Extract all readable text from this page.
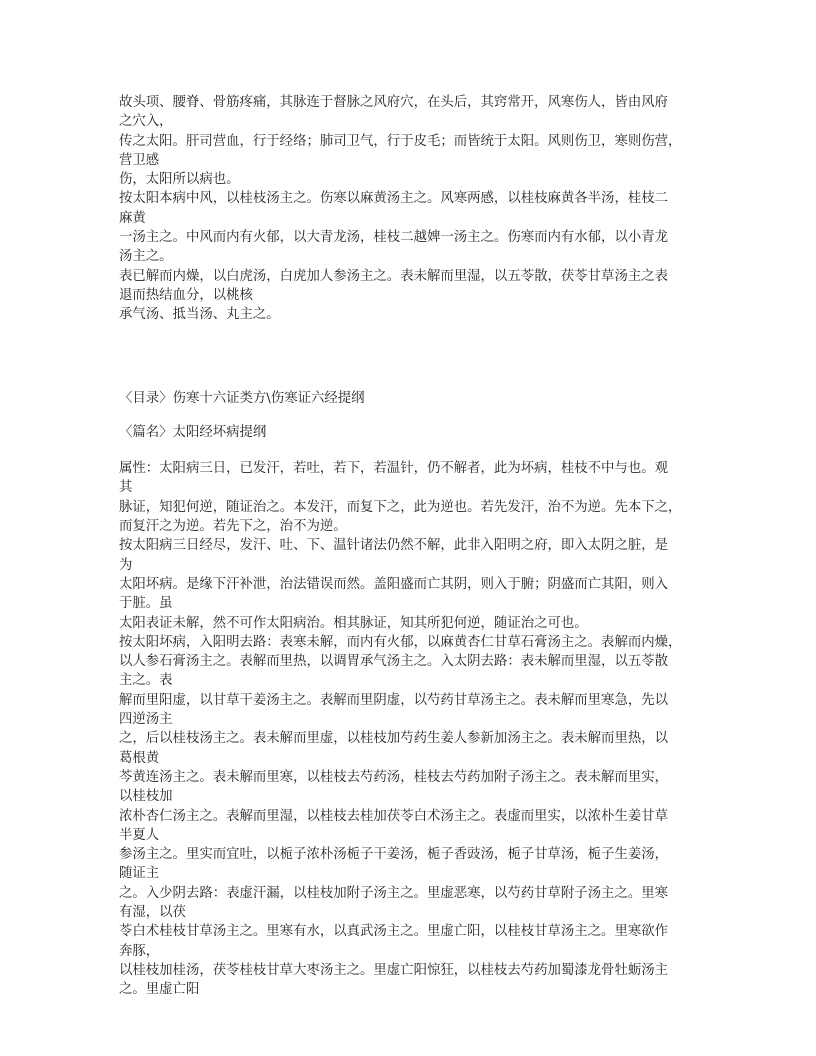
故头项、腰脊、骨筋疼痛，其脉连于督脉之风府穴，在头后，其窍常开，风寒伤人，皆由风府
之穴入，
传之太阳。肝司营血，行于经络；肺司卫气，行于皮毛；而皆统于太阳。风则伤卫，寒则伤营，
营卫感
伤，太阳所以病也。
按太阳本病中风，以桂枝汤主之。伤寒以麻黄汤主之。风寒两感，以桂枝麻黄各半汤，桂枝二
麻黄
一汤主之。中风而内有火郁，以大青龙汤，桂枝二越婢一汤主之。伤寒而内有水郁，以小青龙
汤主之。
表已解而内燥，以白虎汤，白虎加人参汤主之。表未解而里湿，以五苓散，茯苓甘草汤主之表
退而热结血分，以桃核
承气汤、抵当汤、丸主之。
〈目录〉伤寒十六证类方\伤寒证六经提纲
〈篇名〉太阳经坏病提纲
属性：太阳病三日，已发汗，若吐，若下，若温针，仍不解者，此为坏病，桂枝不中与也。观
其
脉证，知犯何逆，随证治之。本发汗，而复下之，此为逆也。若先发汗，治不为逆。先本下之，
而复汗之为逆。若先下之，治不为逆。
按太阳病三日经尽，发汗、吐、下、温针诸法仍然不解，此非入阳明之府，即入太阴之脏，是
为
太阳坏病。是缘下汗补泄，治法错误而然。盖阳盛而亡其阴，则入于腑；阴盛而亡其阳，则入
于脏。虽
太阳表证未解，然不可作太阳病治。相其脉证，知其所犯何逆，随证治之可也。
按太阳坏病，入阳明去路：表寒未解，而内有火郁，以麻黄杏仁甘草石膏汤主之。表解而内燥，
以人参石膏汤主之。表解而里热，以调胃承气汤主之。入太阴去路：表未解而里湿，以五苓散
主之。表
解而里阳虚，以甘草干姜汤主之。表解而里阴虚，以芍药甘草汤主之。表未解而里寒急，先以
四逆汤主
之，后以桂枝汤主之。表未解而里虚，以桂枝加芍药生姜人参新加汤主之。表未解而里热，以
葛根黄
芩黄连汤主之。表未解而里寒，以桂枝去芍药汤，桂枝去芍药加附子汤主之。表未解而里实，
以桂枝加
浓朴杏仁汤主之。表解而里湿，以桂枝去桂加茯苓白术汤主之。表虚而里实，以浓朴生姜甘草
半夏人
参汤主之。里实而宜吐，以栀子浓朴汤栀子干姜汤，栀子香豉汤，栀子甘草汤，栀子生姜汤，
随证主
之。入少阴去路：表虚汗漏，以桂枝加附子汤主之。里虚恶寒，以芍药甘草附子汤主之。里寒
有湿，以茯
苓白术桂枝甘草汤主之。里寒有水，以真武汤主之。里虚亡阳，以桂枝甘草汤主之。里寒欲作
奔豚，
以桂枝加桂汤，茯苓桂枝甘草大枣汤主之。里虚亡阳惊狂，以桂枝去芍药加蜀漆龙骨牡蛎汤主
之。里虚亡阳
